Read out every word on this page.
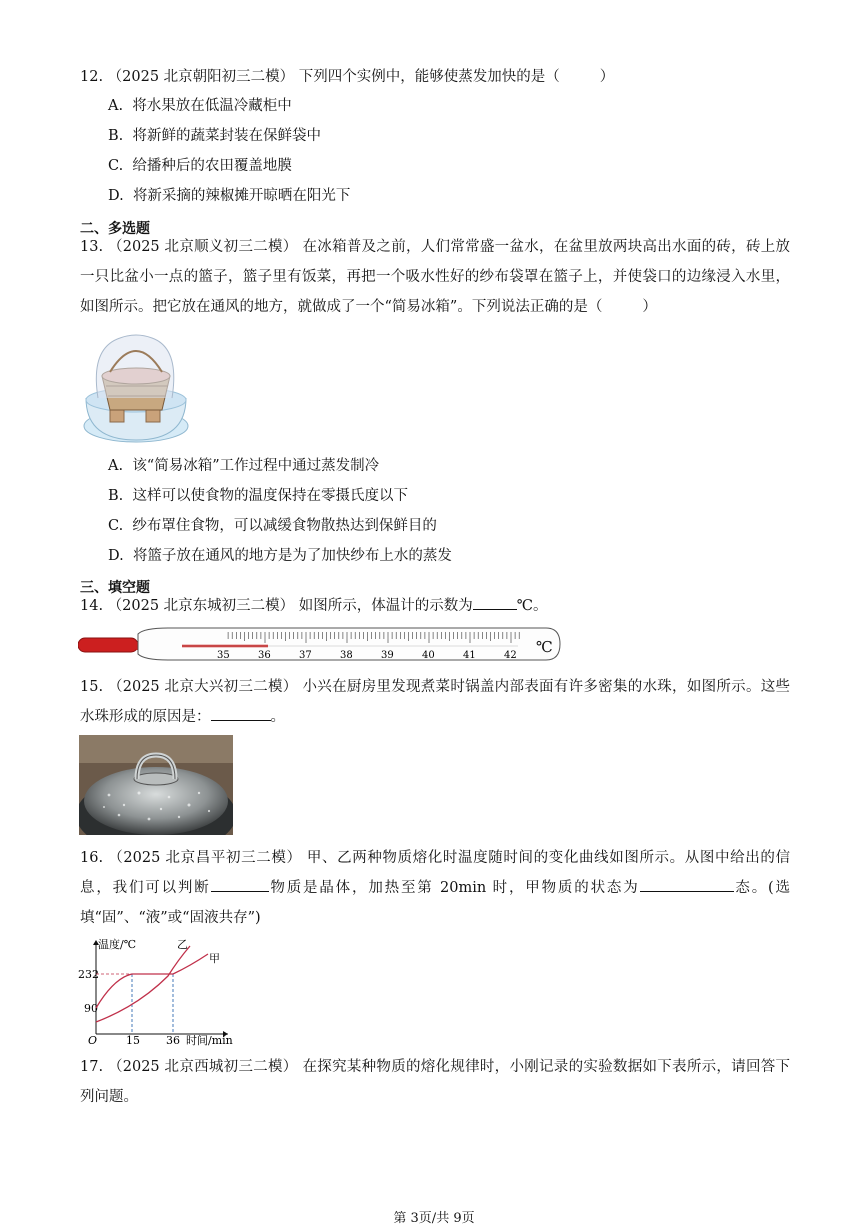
12. （2025 北京朝阳初三二模） 下列四个实例中，能够使蒸发加快的是（	）
A. 将水果放在低温冷藏柜中
B. 将新鲜的蔬菜封装在保鲜袋中
C. 给播种后的农田覆盖地膜
D. 将新采摘的辣椒摊开晾晒在阳光下
二、多选题
13. （2025 北京顺义初三二模） 在冰箱普及之前，人们常常盛一盆水，在盆里放两块高出水面的砖，砖上放一只比盆小一点的篮子，篮子里有饭菜，再把一个吸水性好的纱布袋罩在篮子上，并使袋口的边缘浸入水里，如图所示。把它放在通风的地方，就做成了一个“简易冰箱”。下列说法正确的是（	）
A. 该“简易冰箱”工作过程中通过蒸发制冷
B. 这样可以使食物的温度保持在零摄氏度以下
C. 纱布罩住食物，可以减缓食物散热达到保鲜目的
D. 将篮子放在通风的地方是为了加快纱布上水的蒸发
三、填空题
14. （2025 北京东城初三二模） 如图所示，体温计的示数为	℃。
35	36	37	38	39	40	41	42 ℃
15. （2025 北京大兴初三二模） 小兴在厨房里发现煮菜时锅盖内部表面有许多密集的水珠，如图所示。这些水珠形成的原因是：	。
16. （2025 北京昌平初三二模） 甲、乙两种物质熔化时温度随时间的变化曲线如图所示。从图中给出的信息，我们可以判断	物质是晶体，加热至第 20min 时，甲物质的状态为	态。(选填“固”、“液”或“固液共存”)
温度/℃
时间/min
O
232
90
15 36
甲
乙
17. （2025 北京西城初三二模） 在探究某种物质的熔化规律时，小刚记录的实验数据如下表所示，请回答下列问题。
第 3页/共 9页
